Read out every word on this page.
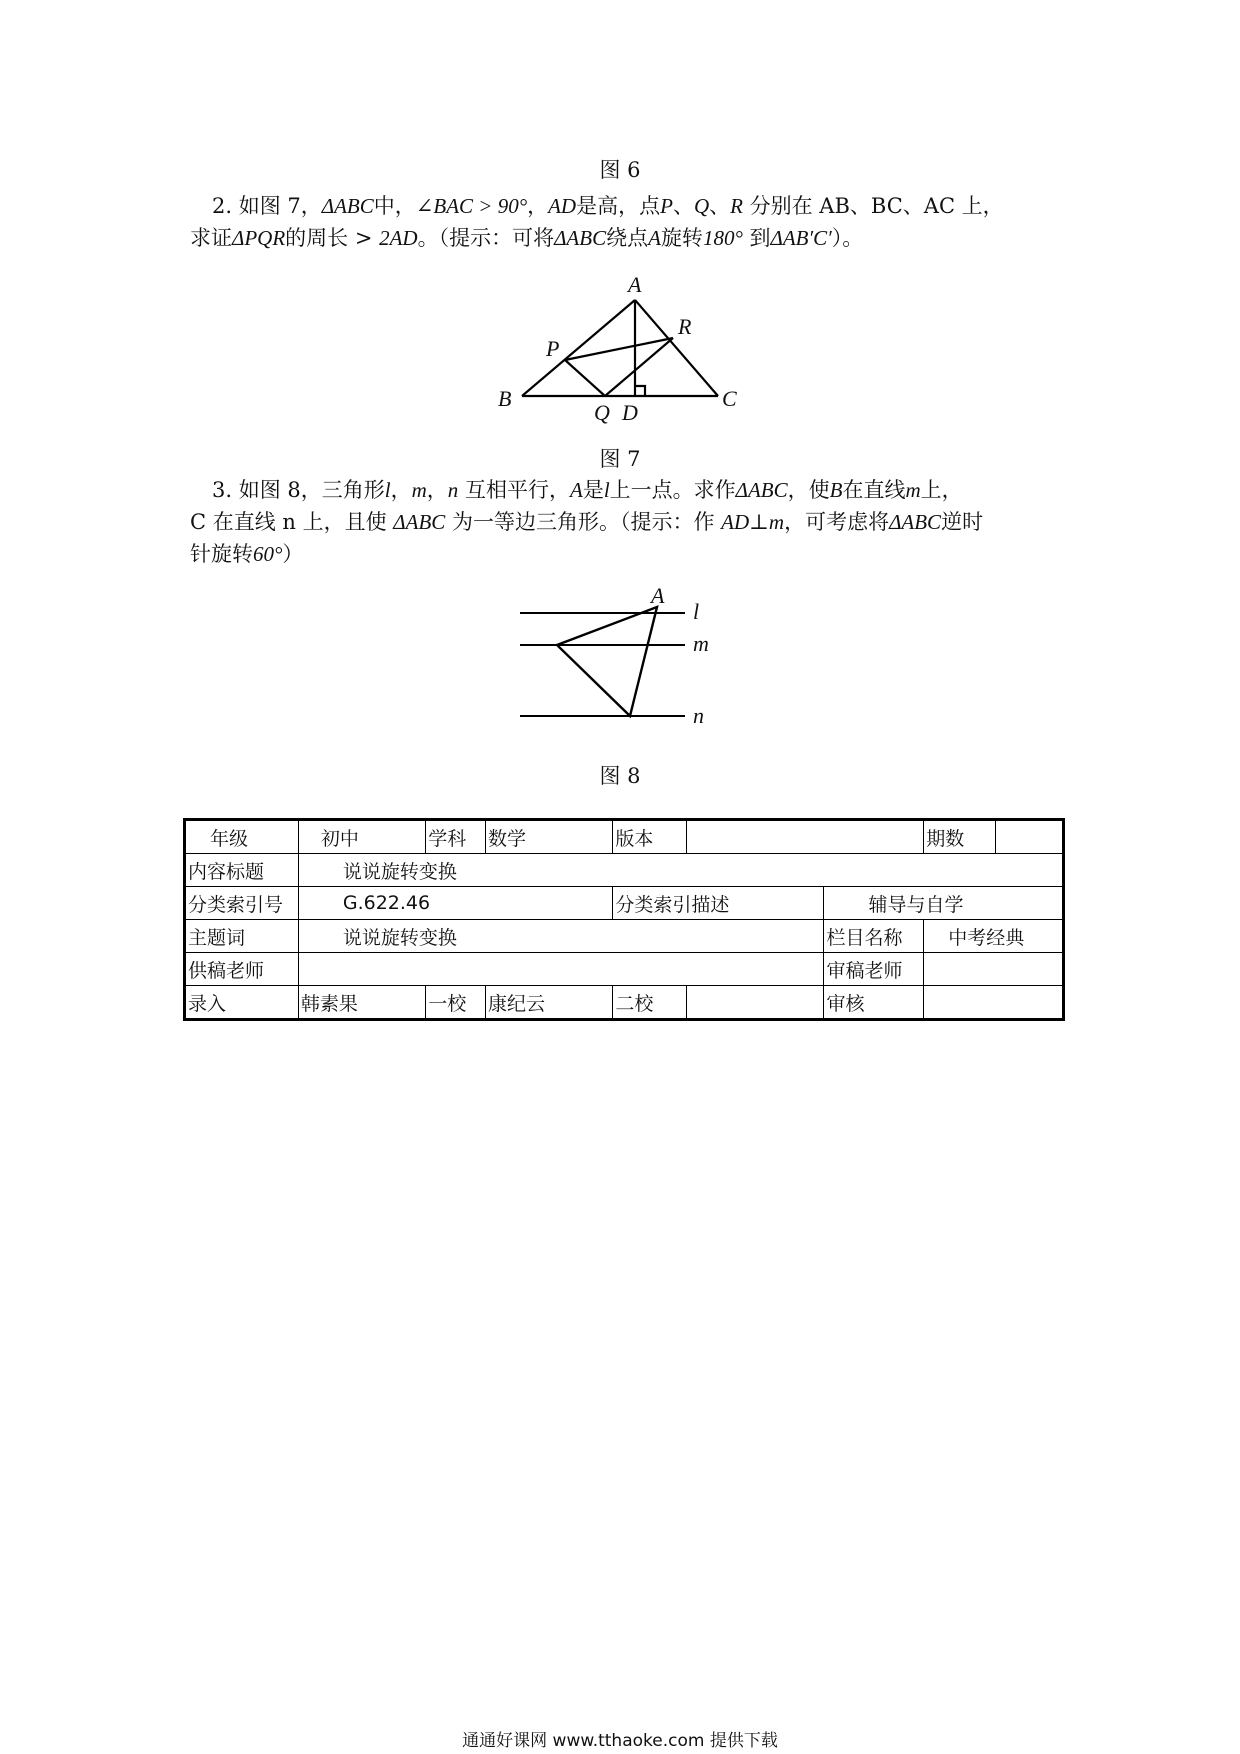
图 6
2. 如图 7，ΔABC中，∠BAC > 90°，AD是高，点P、Q、R 分别在 AB、BC、AC 上，
求证ΔPQR的周长 > 2AD。（提示：可将ΔABC绕点A旋转180° 到ΔAB′C′）。
A
B	C
P
Q
R
D
图 7
3. 如图 8，三角形l，m，n 互相平行，A是l上一点。求作ΔABC，使B在直线m上，
C 在直线 n 上，且使 ΔABC 为一等边三角形。（提示：作 AD⊥m，可考虑将ΔABC逆时
针旋转60°）
A
l
m
n
图 8
年级	初中	学科	数学	版本			期数	
内容标题	说说旋转变换							
分类索引号	G.622.46			分类索引描述		辅导与自学		
主题词	说说旋转变换					栏目名称	中考经典	
供稿老师						审稿老师		
录入	韩素果	一校	康纪云	二校		审核		
通通好课网 www.tthaoke.com 提供下载
